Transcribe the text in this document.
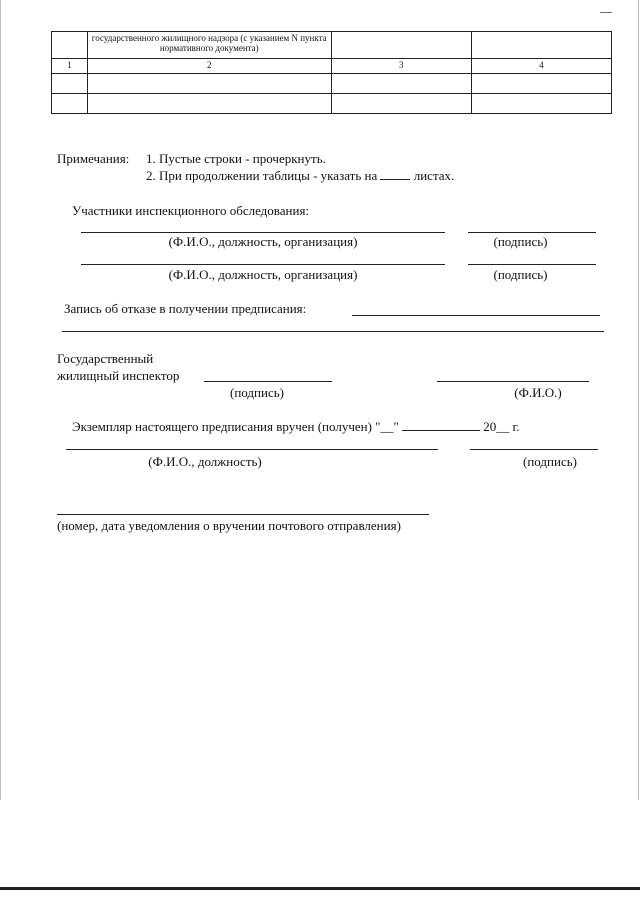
	государственного жилищного надзора (с указанием N пункта нормативного документа)		

1	2	3	4

Примечания: 1. Пустые строки - прочеркнуть.
2. При продолжении таблицы - указать на	листах.
Участники инспекционного обследования:
(Ф.И.О., должность, организация)	(подпись)
(Ф.И.О., должность, организация)	(подпись)
Запись об отказе в получении предписания:
Государственный
жилищный инспектор
(подпись)	(Ф.И.О.)
Экземпляр настоящего предписания вручен (получен) "__"	20__ г.
(Ф.И.О., должность)	(подпись)
(номер, дата уведомления о вручении почтового отправления)
